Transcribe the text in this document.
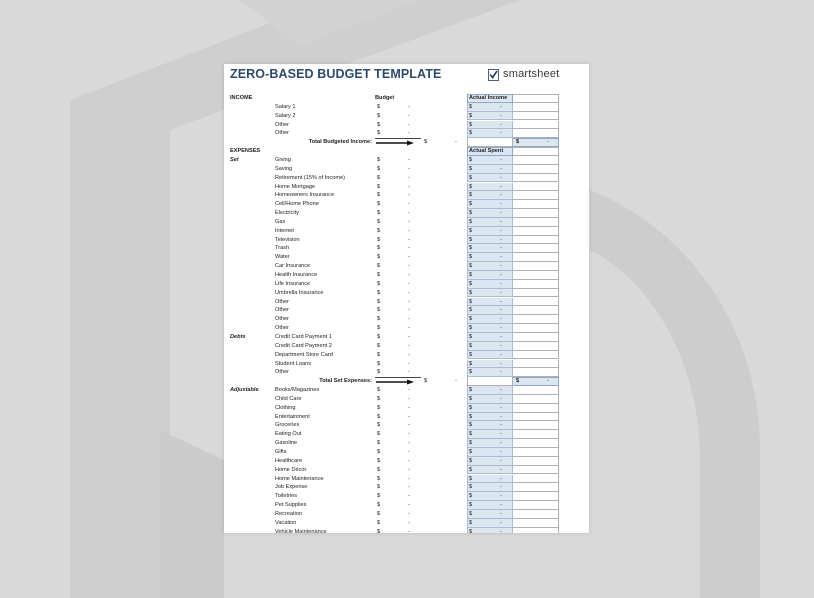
ZERO-BASED BUDGET TEMPLATE	smartsheet
INCOME	Budget	Actual Income
Salary 1	$	-	$	-
Salary 2	$	-	$	-
Other	$	-	$	-
Other	$	-	$	-
Total Budgeted Income:	$	-	$	-
EXPENSES	Actual Spent
Set	Giving	$	-	$	-
Saving	$	-	$	-
Retirement (15% of Income)	$	-	$	-
Home Mortgage	$	-	$	-
Homeowners Insurance	$	-	$	-
Cell/Home Phone	$	-	$	-
Electricity	$	-	$	-
Gas	$	-	$	-
Internet	$	-	$	-
Television	$	-	$	-
Trash	$	-	$	-
Water	$	-	$	-
Car Insurance	$	-	$	-
Health Insurance	$	-	$	-
Life Insurance	$	-	$	-
Umbrella Insurance	$	-	$	-
Other	$	-	$	-
Other	$	-	$	-
Other	$	-	$	-
Other	$	-	$	-
Debts	Credit Card Payment 1	$	-	$	-
Credit Card Payment 2	$	-	$	-
Department Store Card	$	-	$	-
Student Loans	$	-	$	-
Other	$	-	$	-
Total Set Expenses:	$	-	$	-
Adjustable	Books/Magazines	$	-	$	-
Child Care	$	-	$	-
Clothing	$	-	$	-
Entertainment	$	-	$	-
Groceries	$	-	$	-
Eating Out	$	-	$	-
Gasoline	$	-	$	-
Gifts	$	-	$	-
Healthcare	$	-	$	-
Home Décor	$	-	$	-
Home Maintenance	$	-	$	-
Job Expense	$	-	$	-
Toiletries	$	-	$	-
Pet Supplies	$	-	$	-
Recreation	$	-	$	-
Vacation	$	-	$	-
Vehicle Maintenance	$	-	$	-
